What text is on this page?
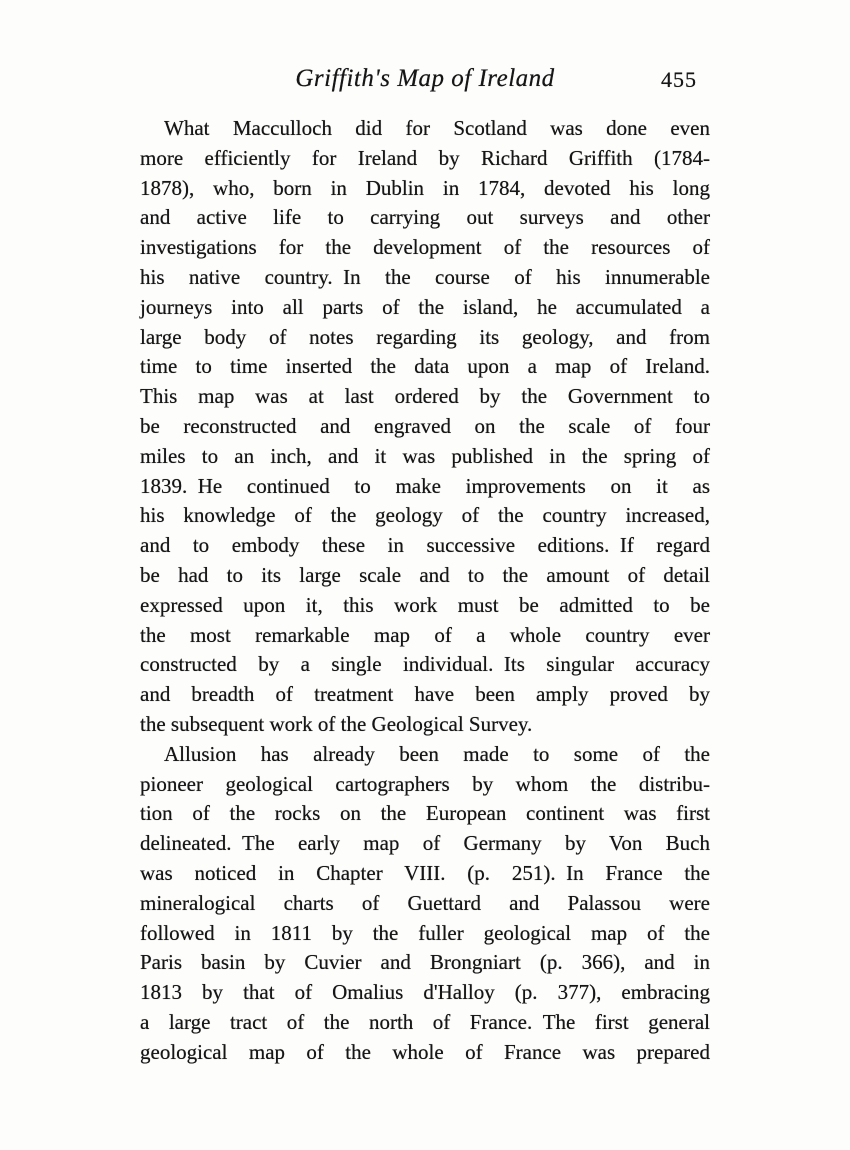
Griffith's Map of Ireland	455
What Macculloch did for Scotland was done even
more efficiently for Ireland by Richard Griffith (1784-
1878), who, born in Dublin in 1784, devoted his long
and active life to carrying out surveys and other
investigations for the development of the resources of
his native country. In the course of his innumerable
journeys into all parts of the island, he accumulated a
large body of notes regarding its geology, and from
time to time inserted the data upon a map of Ireland.
This map was at last ordered by the Government to
be reconstructed and engraved on the scale of four
miles to an inch, and it was published in the spring of
1839. He continued to make improvements on it as
his knowledge of the geology of the country increased,
and to embody these in successive editions. If regard
be had to its large scale and to the amount of detail
expressed upon it, this work must be admitted to be
the most remarkable map of a whole country ever
constructed by a single individual. Its singular accuracy
and breadth of treatment have been amply proved by
the subsequent work of the Geological Survey.
Allusion has already been made to some of the
pioneer geological cartographers by whom the distribu-
tion of the rocks on the European continent was first
delineated. The early map of Germany by Von Buch
was noticed in Chapter VIII. (p. 251). In France the
mineralogical charts of Guettard and Palassou were
followed in 1811 by the fuller geological map of the
Paris basin by Cuvier and Brongniart (p. 366), and in
1813 by that of Omalius d'Halloy (p. 377), embracing
a large tract of the north of France. The first general
geological map of the whole of France was prepared
